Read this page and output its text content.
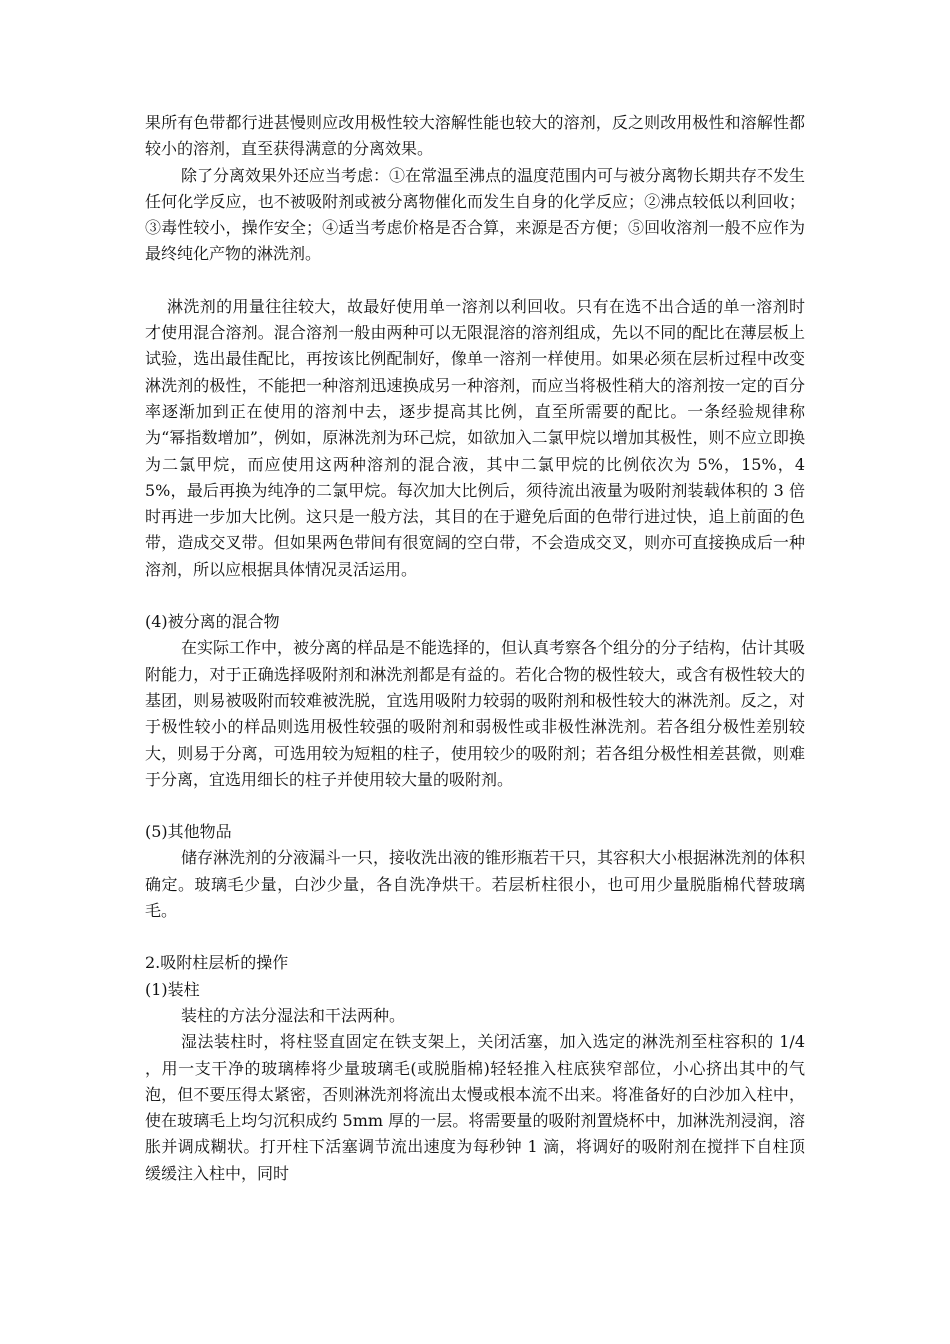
果所有色带都行进甚慢则应改用极性较大溶解性能也较大的溶剂，反之则改用极性和溶解性都较小的溶剂，直至获得满意的分离效果。

除了分离效果外还应当考虑：①在常温至沸点的温度范围内可与被分离物长期共存不发生任何化学反应，也不被吸附剂或被分离物催化而发生自身的化学反应；②沸点较低以利回收；③毒性较小，操作安全；④适当考虑价格是否合算，来源是否方便；⑤回收溶剂一般不应作为最终纯化产物的淋洗剂。

淋洗剂的用量往往较大，故最好使用单一溶剂以利回收。只有在选不出合适的单一溶剂时才使用混合溶剂。混合溶剂一般由两种可以无限混溶的溶剂组成，先以不同的配比在薄层板上试验，选出最佳配比，再按该比例配制好，像单一溶剂一样使用。如果必须在层析过程中改变淋洗剂的极性，不能把一种溶剂迅速换成另一种溶剂，而应当将极性稍大的溶剂按一定的百分率逐渐加到正在使用的溶剂中去，逐步提高其比例，直至所需要的配比。一条经验规律称为“幂指数增加”，例如，原淋洗剂为环己烷，如欲加入二氯甲烷以增加其极性，则不应立即换为二氯甲烷，而应使用这两种溶剂的混合液，其中二氯甲烷的比例依次为 5%，15%，45%，最后再换为纯净的二氯甲烷。每次加大比例后，须待流出液量为吸附剂装载体积的 3 倍时再进一步加大比例。这只是一般方法，其目的在于避免后面的色带行进过快，追上前面的色带，造成交叉带。但如果两色带间有很宽阔的空白带，不会造成交叉，则亦可直接换成后一种溶剂，所以应根据具体情况灵活运用。

(4)被分离的混合物

在实际工作中，被分离的样品是不能选择的，但认真考察各个组分的分子结构，估计其吸附能力，对于正确选择吸附剂和淋洗剂都是有益的。若化合物的极性较大，或含有极性较大的基团，则易被吸附而较难被洗脱，宜选用吸附力较弱的吸附剂和极性较大的淋洗剂。反之，对于极性较小的样品则选用极性较强的吸附剂和弱极性或非极性淋洗剂。若各组分极性差别较大，则易于分离，可选用较为短粗的柱子，使用较少的吸附剂；若各组分极性相差甚微，则难于分离，宜选用细长的柱子并使用较大量的吸附剂。

(5)其他物品

储存淋洗剂的分液漏斗一只，接收洗出液的锥形瓶若干只，其容积大小根据淋洗剂的体积确定。玻璃毛少量，白沙少量，各自洗净烘干。若层析柱很小，也可用少量脱脂棉代替玻璃毛。

2.吸附柱层析的操作

(1)装柱

装柱的方法分湿法和干法两种。

湿法装柱时，将柱竖直固定在铁支架上，关闭活塞，加入选定的淋洗剂至柱容积的 1/4 ，用一支干净的玻璃棒将少量玻璃毛(或脱脂棉)轻轻推入柱底狭窄部位，小心挤出其中的气泡，但不要压得太紧密，否则淋洗剂将流出太慢或根本流不出来。将准备好的白沙加入柱中，使在玻璃毛上均匀沉积成约 5mm 厚的一层。将需要量的吸附剂置烧杯中，加淋洗剂浸润，溶胀并调成糊状。打开柱下活塞调节流出速度为每秒钟 1 滴，将调好的吸附剂在搅拌下自柱顶缓缓注入柱中，同时
